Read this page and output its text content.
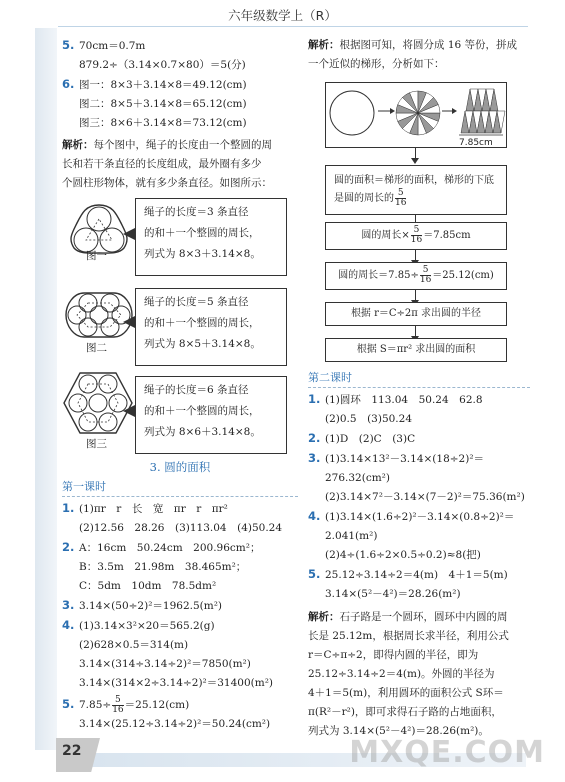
六年级数学上（R）
22
5. 70cm＝0.7m
879.2÷（3.14×0.7×80）＝5(分)
6. 图一：8×3＋3.14×8＝49.12(cm)
图二：8×5＋3.14×8＝65.12(cm)
图三：8×6＋3.14×8＝73.12(cm)
解析：每个图中，绳子的长度由一个整圆的周
长和若干条直径的长度组成，最外圈有多少
个圆柱形物体，就有多少条直径。如图所示：
图一
绳子的长度＝3 条直径
的和＋一个整圆的周长，
列式为 8×3＋3.14×8。
图二
绳子的长度＝5 条直径
的和＋一个整圆的周长，
列式为 8×5＋3.14×8。
图三
绳子的长度＝6 条直径
的和＋一个整圆的周长，
列式为 8×6＋3.14×8。
3. 圆的面积
第一课时
1. (1)πr　r　长　宽　πr　r　πr²
(2)12.56　28.26　(3)113.04　(4)50.24
2. A：16cm　50.24cm　200.96cm²；
B：3.5m　21.98m　38.465m²；
C：5dm　10dm　78.5dm²
3. 3.14×(50÷2)²＝1962.5(m²)
4. (1)3.14×3²×20＝565.2(g)
(2)628×0.5＝314(m)
3.14×(314÷3.14÷2)²＝7850(m²)
3.14×(314×2÷3.14÷2)²＝31400(m²)
5. $7.85\div \frac{5}{16} =25.12(cm)$
3.14×(25.12÷3.14÷2)²＝50.24(cm²)
解析：根据图可知，将圆分成 16 等份，拼成
一个近似的梯形，分析如下：
7.85cm
圆的面积＝梯形的面积，梯形的下底
是圆的周长的 $\frac{5}{16}$
圆的周长× $\frac{5}{16} =7.85cm$
圆的周长$=7.85\div \frac{5}{16} =25.12(cm)$
根据 r＝C÷2π 求出圆的半径
根据 S＝πr² 求出圆的面积
第二课时
1. (1)圆环　113.04　50.24　62.8
(2)0.5　(3)50.24
2. (1)D　(2)C　(3)C
3. (1)3.14×13²－3.14×(18÷2)²＝
276.32(cm²)
(2)3.14×7²－3.14×(7－2)²＝75.36(m²)
4. (1)3.14×(1.6÷2)²－3.14×(0.8÷2)²＝
2.041(m²)
(2)4÷(1.6÷2×0.5÷0.2)≈8(把)
5. 25.12÷3.14÷2＝4(m)　4＋1＝5(m)
3.14×(5²－4²)＝28.26(m²)
解析：石子路是一个圆环，圆环中内圆的周
长是 25.12m，根据周长求半径，利用公式
r＝C÷π÷2，即得内圆的半径，即为
25.12÷3.14÷2＝4(m)。外圆的半径为
4＋1＝5(m)，利用圆环的面积公式 S环＝
π(R²－r²)，即可求得石子路的占地面积，
列式为 3.14×(5²－4²)＝28.26(m²)。
MXQE.COM
